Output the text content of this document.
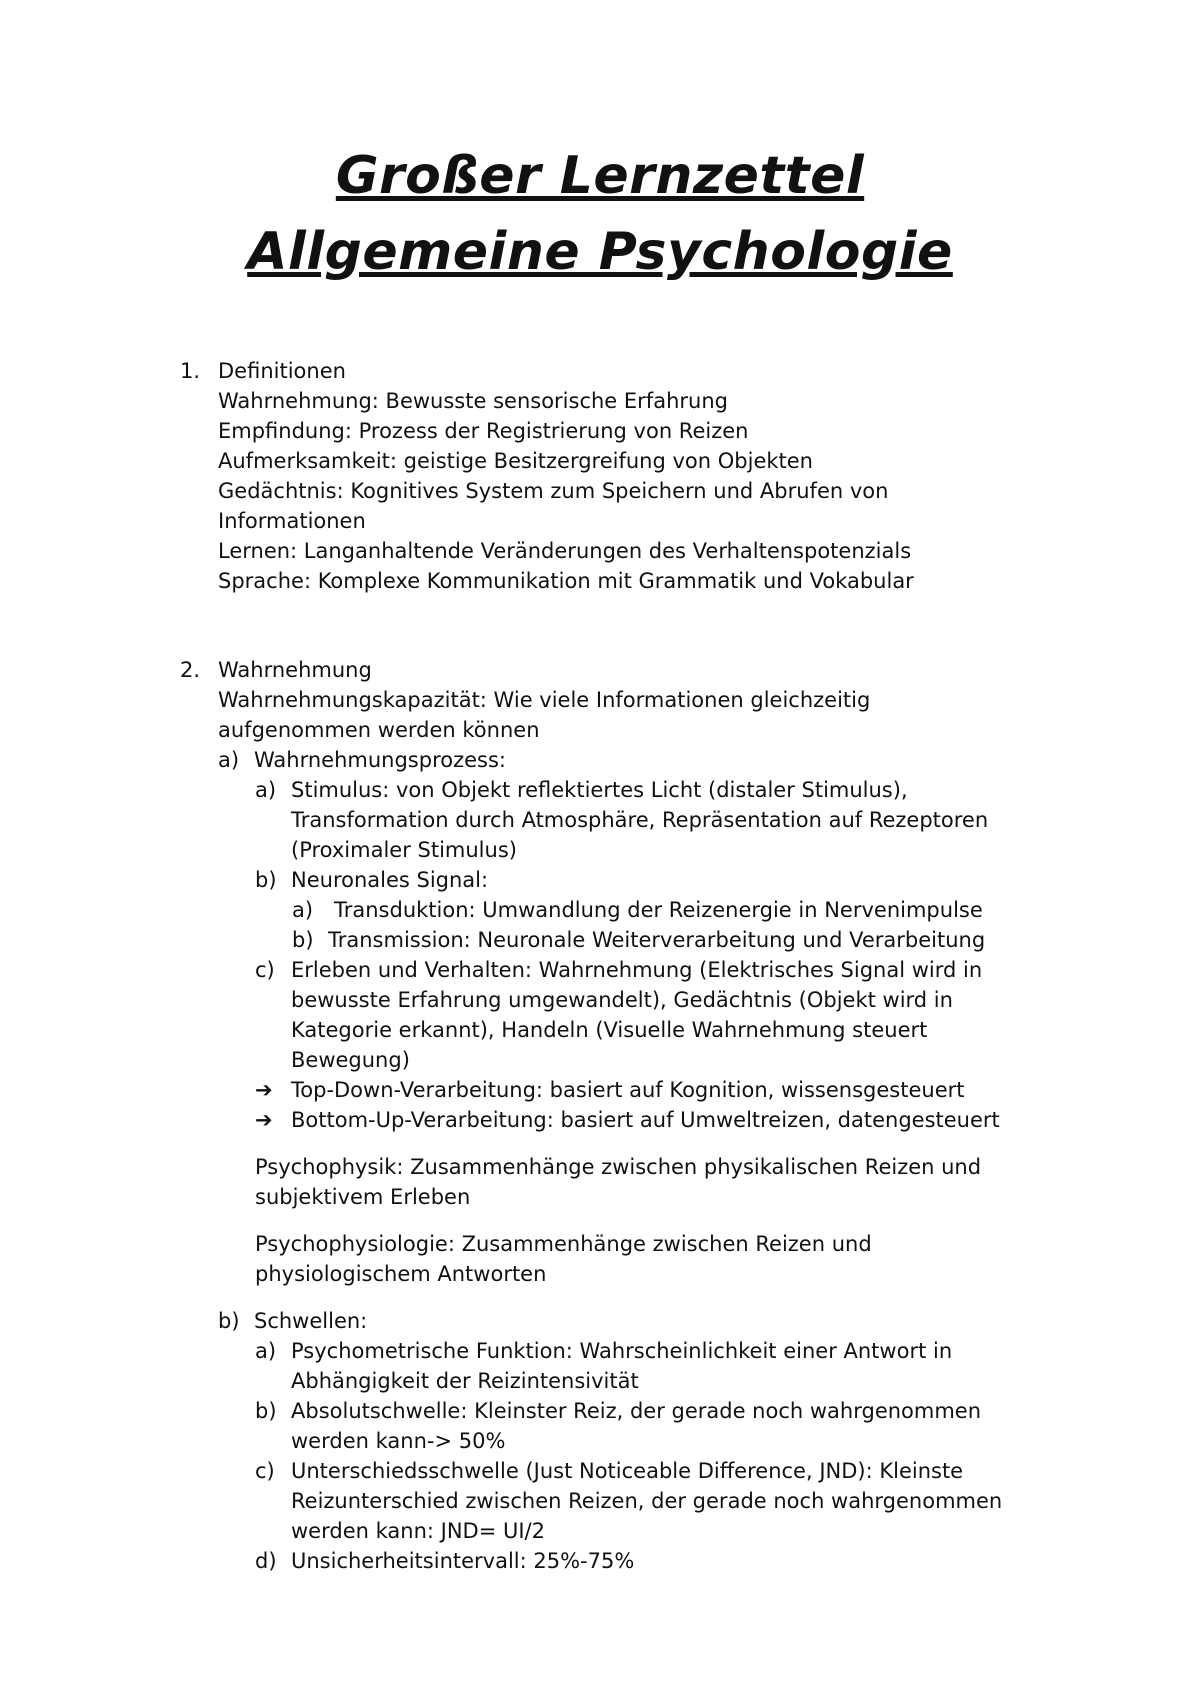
Großer Lernzettel
Allgemeine Psychologie
1. Definitionen
Wahrnehmung: Bewusste sensorische Erfahrung
Empfindung: Prozess der Registrierung von Reizen
Aufmerksamkeit: geistige Besitzergreifung von Objekten
Gedächtnis: Kognitives System zum Speichern und Abrufen von
Informationen
Lernen: Langanhaltende Veränderungen des Verhaltenspotenzials
Sprache: Komplexe Kommunikation mit Grammatik und Vokabular
2. Wahrnehmung
Wahrnehmungskapazität: Wie viele Informationen gleichzeitig
aufgenommen werden können
a) Wahrnehmungsprozess:
a) Stimulus: von Objekt reflektiertes Licht (distaler Stimulus),
Transformation durch Atmosphäre, Repräsentation auf Rezeptoren
(Proximaler Stimulus)
b) Neuronales Signal:
a) Transduktion: Umwandlung der Reizenergie in Nervenimpulse
b) Transmission: Neuronale Weiterverarbeitung und Verarbeitung
c) Erleben und Verhalten: Wahrnehmung (Elektrisches Signal wird in
bewusste Erfahrung umgewandelt), Gedächtnis (Objekt wird in
Kategorie erkannt), Handeln (Visuelle Wahrnehmung steuert
Bewegung)
➔ Top-Down-Verarbeitung: basiert auf Kognition, wissensgesteuert
➔ Bottom-Up-Verarbeitung: basiert auf Umweltreizen, datengesteuert
Psychophysik: Zusammenhänge zwischen physikalischen Reizen und
subjektivem Erleben
Psychophysiologie: Zusammenhänge zwischen Reizen und
physiologischem Antworten
b) Schwellen:
a) Psychometrische Funktion: Wahrscheinlichkeit einer Antwort in
Abhängigkeit der Reizintensivität
b) Absolutschwelle: Kleinster Reiz, der gerade noch wahrgenommen
werden kann-> 50%
c) Unterschiedsschwelle (Just Noticeable Difference, JND): Kleinste
Reizunterschied zwischen Reizen, der gerade noch wahrgenommen
werden kann: JND= UI/2
d) Unsicherheitsintervall: 25%-75%
